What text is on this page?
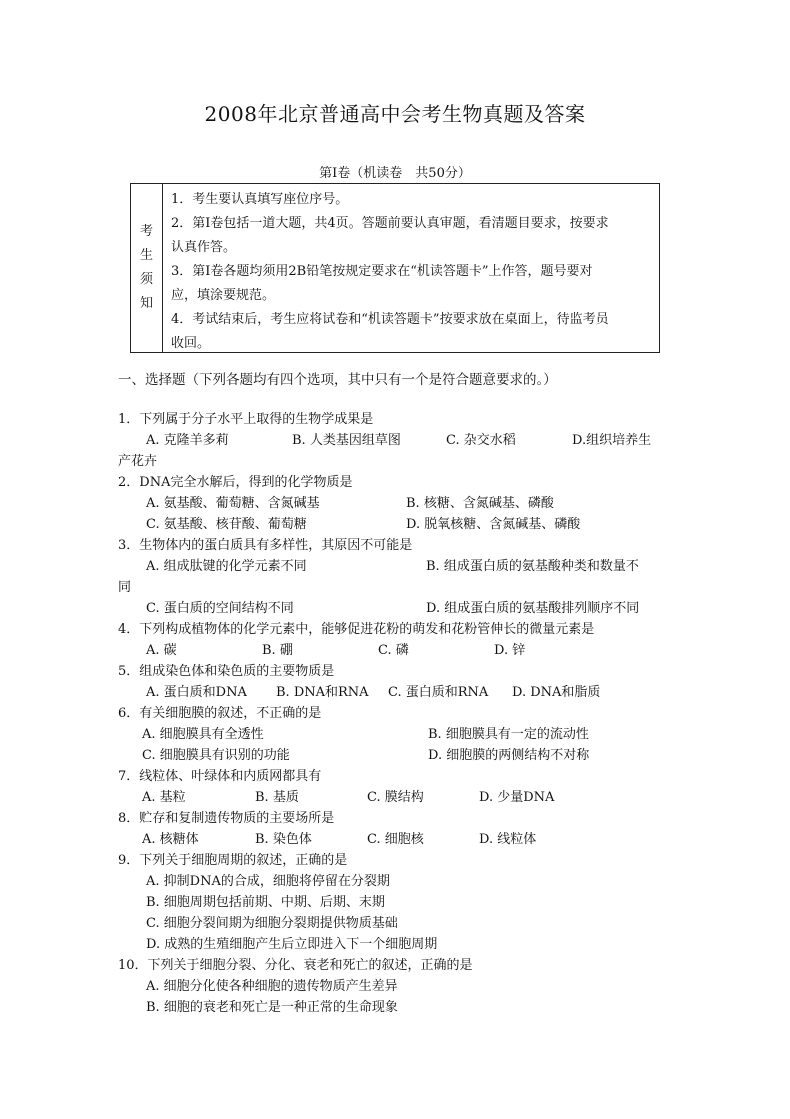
2008年北京普通高中会考生物真题及答案
第Ⅰ卷（机读卷　共50分）
考
生
须
知
1．考生要认真填写座位序号。
2．第Ⅰ卷包括一道大题，共4页。答题前要认真审题，看清题目要求，按要求
认真作答。
3．第Ⅰ卷各题均须用2B铅笔按规定要求在“机读答题卡”上作答，题号要对
应，填涂要规范。
4．考试结束后，考生应将试卷和“机读答题卡”按要求放在桌面上，待监考员
收回。
一、选择题（下列各题均有四个选项，其中只有一个是符合题意要求的。）
1．下列属于分子水平上取得的生物学成果是
A. 克隆羊多莉	B. 人类基因组草图	C. 杂交水稻	D.组织培养生
产花卉
2．DNA完全水解后，得到的化学物质是
A. 氨基酸、葡萄糖、含氮碱基	B. 核糖、含氮碱基、磷酸
C. 氨基酸、核苷酸、葡萄糖	D. 脱氧核糖、含氮碱基、磷酸
3．生物体内的蛋白质具有多样性，其原因不可能是
A. 组成肽键的化学元素不同	B. 组成蛋白质的氨基酸种类和数量不
同
C. 蛋白质的空间结构不同	D. 组成蛋白质的氨基酸排列顺序不同
4．下列构成植物体的化学元素中，能够促进花粉的萌发和花粉管伸长的微量元素是
A. 碳	B. 硼	C. 磷	D. 锌
5．组成染色体和染色质的主要物质是
A. 蛋白质和DNA	B. DNA和RNA	C. 蛋白质和RNA	D. DNA和脂质
6．有关细胞膜的叙述，不正确的是
A. 细胞膜具有全透性	B. 细胞膜具有一定的流动性
C. 细胞膜具有识别的功能	D. 细胞膜的两侧结构不对称
7．线粒体、叶绿体和内质网都具有
A. 基粒	B. 基质	C. 膜结构	D. 少量DNA
8．贮存和复制遗传物质的主要场所是
A. 核糖体	B. 染色体	C. 细胞核	D. 线粒体
9．下列关于细胞周期的叙述，正确的是
A. 抑制DNA的合成，细胞将停留在分裂期
B. 细胞周期包括前期、中期、后期、末期
C. 细胞分裂间期为细胞分裂期提供物质基础
D. 成熟的生殖细胞产生后立即进入下一个细胞周期
10．下列关于细胞分裂、分化、衰老和死亡的叙述，正确的是
A. 细胞分化使各种细胞的遗传物质产生差异
B. 细胞的衰老和死亡是一种正常的生命现象
